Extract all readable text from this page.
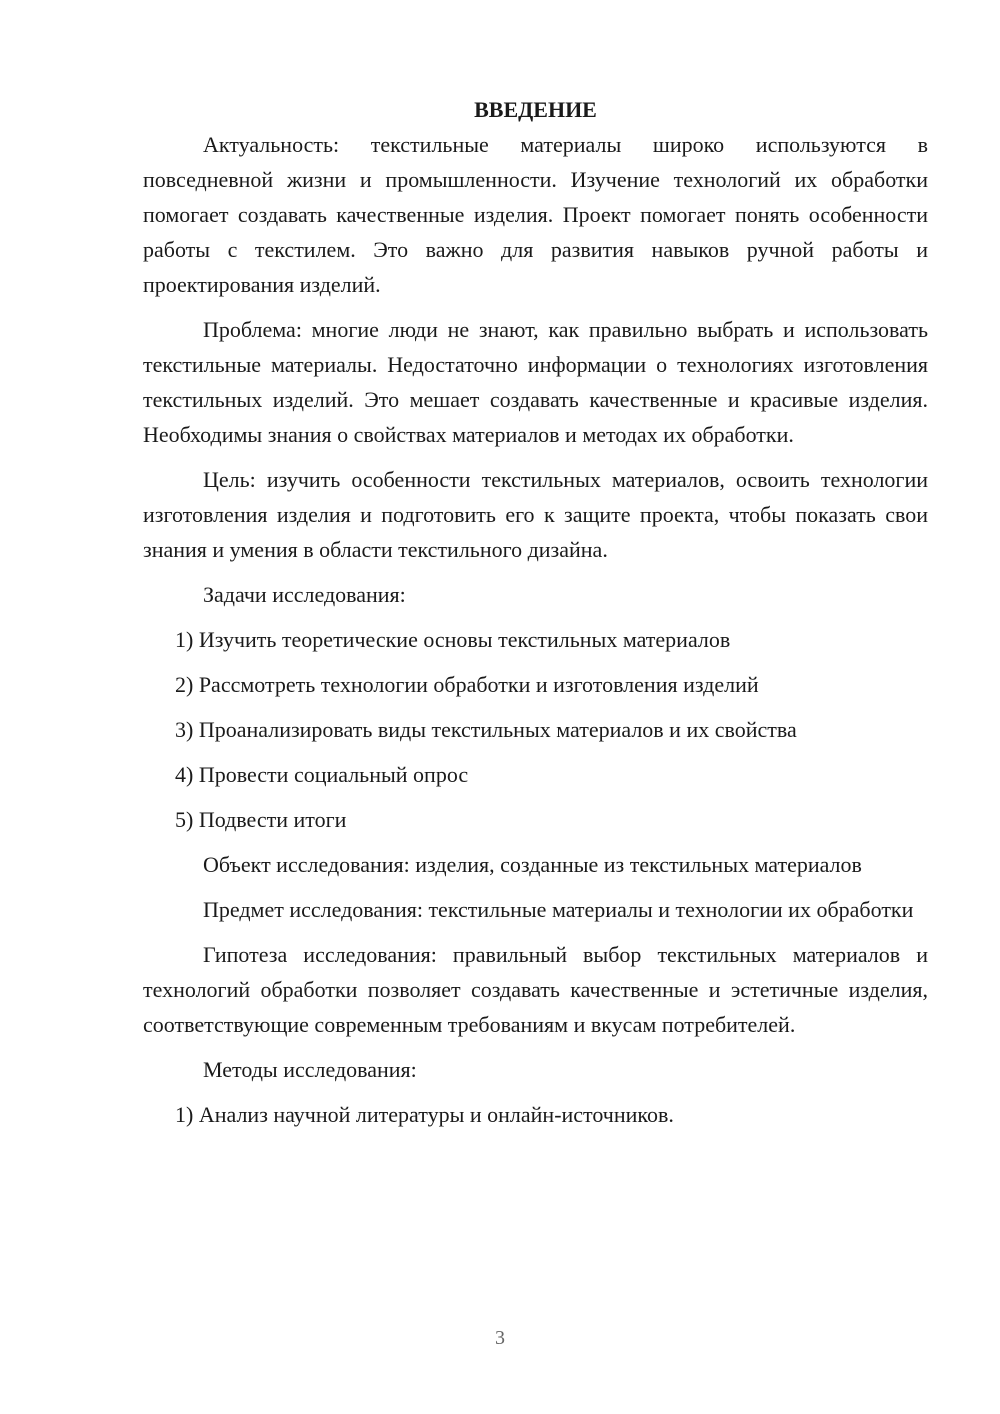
ВВЕДЕНИЕ

Актуальность: текстильные материалы широко используются в повседневной жизни и промышленности. Изучение технологий их обработки помогает создавать качественные изделия. Проект помогает понять особенности работы с текстилем. Это важно для развития навыков ручной работы и проектирования изделий.

Проблема: многие люди не знают, как правильно выбрать и использовать текстильные материалы. Недостаточно информации о технологиях изготовления текстильных изделий. Это мешает создавать качественные и красивые изделия. Необходимы знания о свойствах материалов и методах их обработки.

Цель: изучить особенности текстильных материалов, освоить технологии изготовления изделия и подготовить его к защите проекта, чтобы показать свои знания и умения в области текстильного дизайна.

Задачи исследования:

1) Изучить теоретические основы текстильных материалов

2) Рассмотреть технологии обработки и изготовления изделий

3) Проанализировать виды текстильных материалов и их свойства

4) Провести социальный опрос

5) Подвести итоги

Объект исследования: изделия, созданные из текстильных материалов

Предмет исследования: текстильные материалы и технологии их обработки

Гипотеза исследования: правильный выбор текстильных материалов и технологий обработки позволяет создавать качественные и эстетичные изделия, соответствующие современным требованиям и вкусам потребителей.

Методы исследования:

1) Анализ научной литературы и онлайн-источников.

3
